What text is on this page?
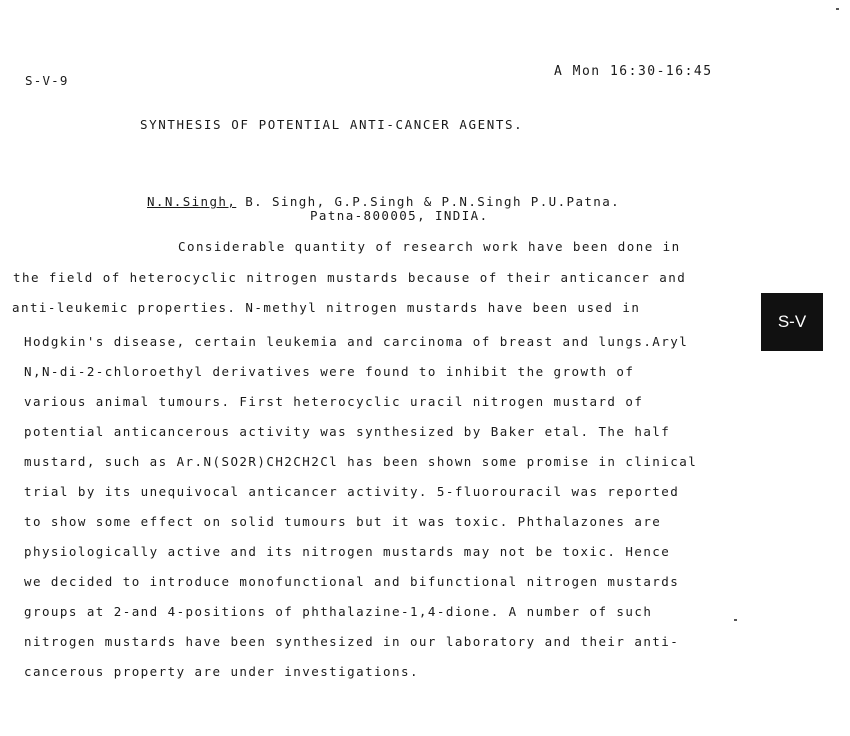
S-V-9
A Mon 16:30-16:45
SYNTHESIS OF POTENTIAL ANTI-CANCER AGENTS.
N.N.Singh, B. Singh, G.P.Singh & P.N.Singh P.U.Patna.
Patna-800005, INDIA.
Considerable quantity of research work have been done in
the field of heterocyclic nitrogen mustards because of their anticancer and
anti-leukemic properties. N-methyl nitrogen mustards have been used in
Hodgkin's disease, certain leukemia and carcinoma of breast and lungs.Aryl
N,N-di-2-chloroethyl derivatives were found to inhibit the growth of
various animal tumours. First heterocyclic uracil nitrogen mustard of
potential anticancerous activity was synthesized by Baker etal. The half
mustard, such as Ar.N(SO2R)CH2CH2Cl has been shown some promise in clinical
trial by its unequivocal anticancer activity. 5-fluorouracil was reported
to show some effect on solid tumours but it was toxic. Phthalazones are
physiologically active and its nitrogen mustards may not be toxic. Hence
we decided to introduce monofunctional and bifunctional nitrogen mustards
groups at 2-and 4-positions of phthalazine-1,4-dione. A number of such
nitrogen mustards have been synthesized in our laboratory and their anti-
cancerous property are under investigations.
S-V
